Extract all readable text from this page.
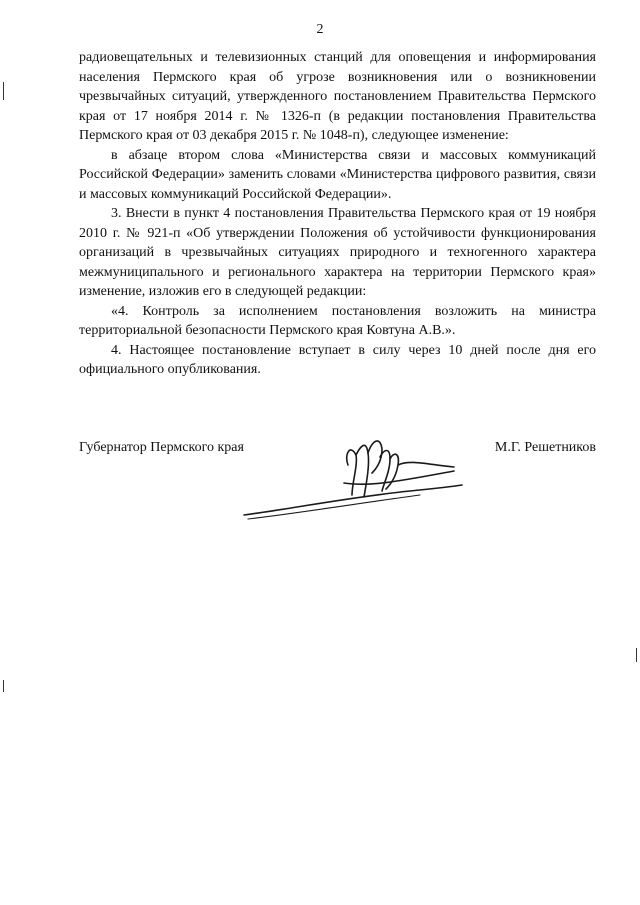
2

радиовещательных и телевизионных станций для оповещения и информирования населения Пермского края об угрозе возникновения или о возникновении чрезвычайных ситуаций, утвержденного постановлением Правительства Пермского края от 17 ноября 2014 г. № 1326-п (в редакции постановления Правительства Пермского края от 03 декабря 2015 г. № 1048-п), следующее изменение:

в абзаце втором слова «Министерства связи и массовых коммуникаций Российской Федерации» заменить словами «Министерства цифрового развития, связи и массовых коммуникаций Российской Федерации».

3. Внести в пункт 4 постановления Правительства Пермского края от 19 ноября 2010 г. № 921-п «Об утверждении Положения об устойчивости функционирования организаций в чрезвычайных ситуациях природного и техногенного характера межмуниципального и регионального характера на территории Пермского края» изменение, изложив его в следующей редакции:

«4. Контроль за исполнением постановления возложить на министра территориальной безопасности Пермского края Ковтуна А.В.».

4. Настоящее постановление вступает в силу через 10 дней после дня его официального опубликования.

Губернатор Пермского края	М.Г. Решетников
